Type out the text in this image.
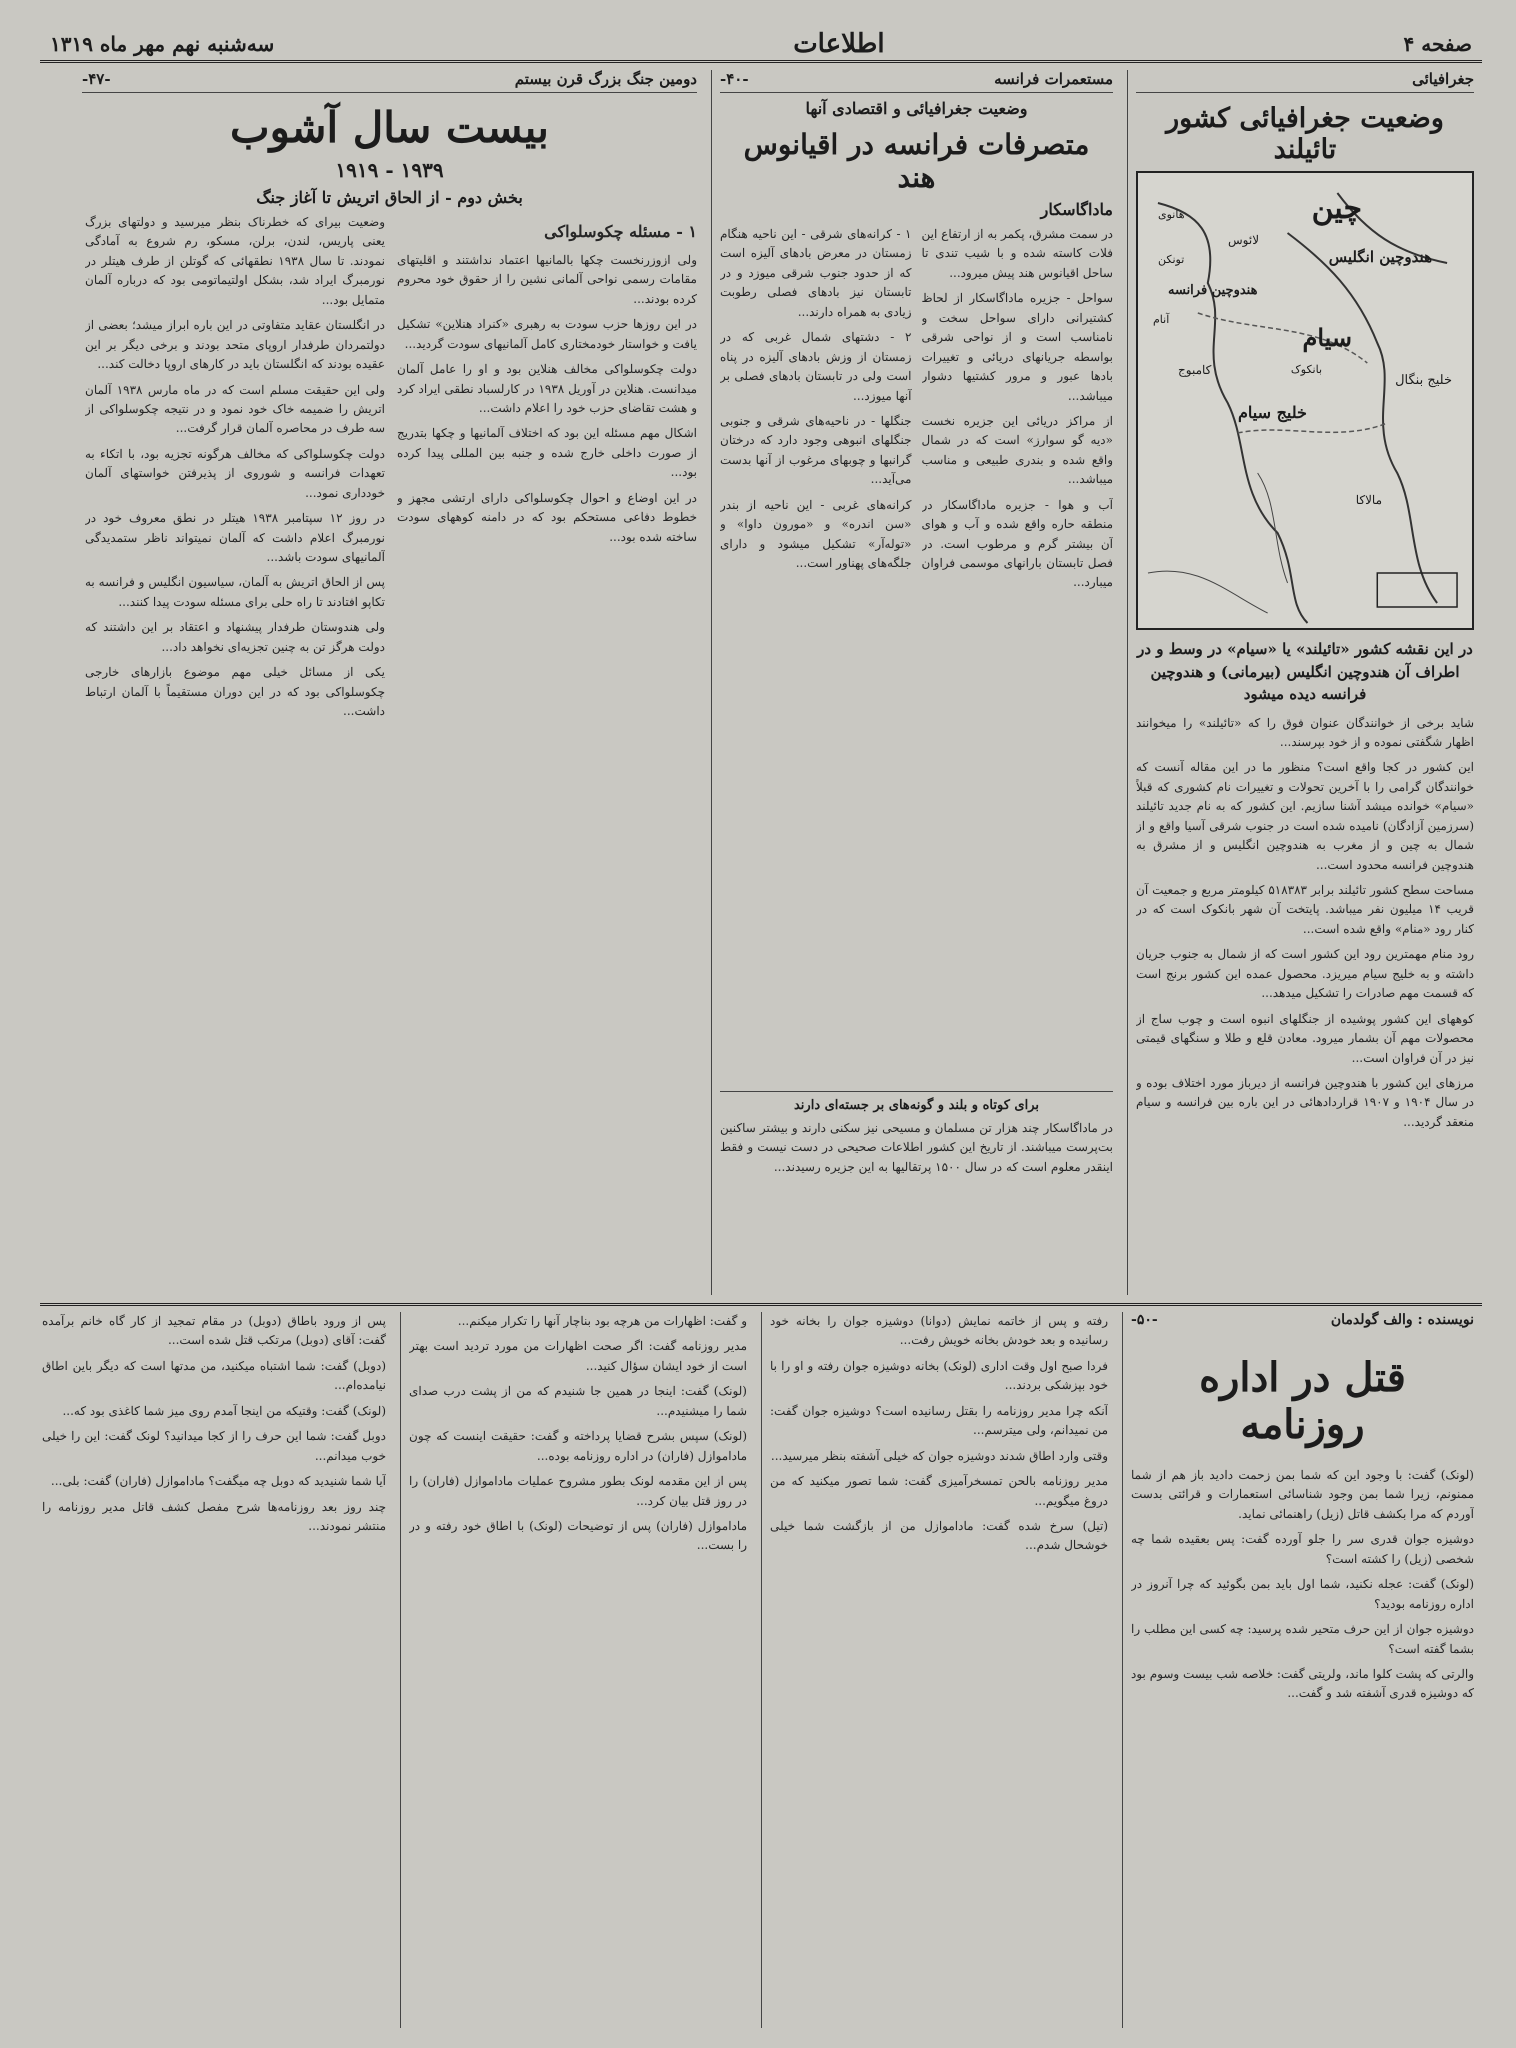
صفحه ۴
اطلاعات
سه‌شنبه نهم مهر ماه ۱۳۱۹
جغرافیائی
وضعیت جغرافیائی کشور تائیلند
چین
هندوچین انگلیس
سیام
هندوچین فرانسه
خلیج بنگال
خلیج سیام
کامبوج
لائوس
بانکوک
هانوی
مالاکا
تونکن
آنام
در این نقشه کشور «تائیلند» یا «سیام» در وسط و در اطراف آن هندوچین انگلیس (بیرمانی) و هندوچین فرانسه دیده میشود

شاید برخی از خوانندگان عنوان فوق را که «تائیلند» را میخوانند اظهار شگفتی نموده و از خود بپرسند...

این کشور در کجا واقع است؟ منظور ما در این مقاله آنست که خوانندگان گرامی را با آخرین تحولات و تغییرات نام کشوری که قبلاً «سیام» خوانده میشد آشنا سازیم. این کشور که به نام جدید تائیلند (سرزمین آزادگان) نامیده شده است در جنوب شرقی آسیا واقع و از شمال به چین و از مغرب به هندوچین انگلیس و از مشرق به هندوچین فرانسه محدود است...

مساحت سطح کشور تائیلند برابر ۵۱۸۳۸۳ کیلومتر مربع و جمعیت آن قریب ۱۴ میلیون نفر میباشد. پایتخت آن شهر بانکوک است که در کنار رود «منام» واقع شده است...

رود منام مهمترین رود این کشور است که از شمال به جنوب جریان داشته و به خلیج سیام میریزد. محصول عمده این کشور برنج است که قسمت مهم صادرات را تشکیل میدهد...

کوههای این کشور پوشیده از جنگلهای انبوه است و چوب ساج از محصولات مهم آن بشمار میرود. معادن قلع و طلا و سنگهای قیمتی نیز در آن فراوان است...

مرزهای این کشور با هندوچین فرانسه از دیرباز مورد اختلاف بوده و در سال ۱۹۰۴ و ۱۹۰۷ قراردادهائی در این باره بین فرانسه و سیام منعقد گردید...

مستعمرات فرانسه
-۴۰-
وضعیت جغرافیائی و اقتصادی آنها
متصرفات فرانسه در اقیانوس هند
ماداگاسکار

در سمت مشرق، پکمر به از ارتفاع این فلات کاسته شده و با شیب تندی تا ساحل اقیانوس هند پیش میرود...

سواحل - جزیره ماداگاسکار از لحاظ کشتیرانی دارای سواحل سخت و نامناسب است و از نواحی شرقی بواسطه جریانهای دریائی و تغییرات بادها عبور و مرور کشتیها دشوار میباشد...

از مراکز دریائی این جزیره نخست «دیه گو سوارز» است که در شمال واقع شده و بندری طبیعی و مناسب میباشد...

آب و هوا - جزیره ماداگاسکار در منطقه حاره واقع شده و آب و هوای آن بیشتر گرم و مرطوب است. در فصل تابستان بارانهای موسمی فراوان میبارد...

۱ - کرانه‌های شرقی - این ناحیه هنگام زمستان در معرض بادهای آلیزه است که از حدود جنوب شرقی میوزد و در تابستان نیز بادهای فصلی رطوبت زیادی به همراه دارند...

۲ - دشتهای شمال غربی که در زمستان از وزش بادهای آلیزه در پناه است ولی در تابستان بادهای فصلی بر آنها میوزد...

جنگلها - در ناحیه‌های شرقی و جنوبی جنگلهای انبوهی وجود دارد که درختان گرانبها و چوبهای مرغوب از آنها بدست می‌آید...

کرانه‌های غربی - این ناحیه از بندر «سن اندره» و «مورون داوا» و «توله‌آر» تشکیل میشود و دارای جلگه‌های پهناور است...

برای کوتاه و بلند و گونه‌های بر جسته‌ای دارند
در ماداگاسکار چند هزار تن مسلمان و مسیحی نیز سکنی دارند و بیشتر ساکنین بت‌پرست میباشند. از تاریخ این کشور اطلاعات صحیحی در دست نیست و فقط اینقدر معلوم است که در سال ۱۵۰۰ پرتقالیها به این جزیره رسیدند...
دومین جنگ بزرگ قرن بیستم
-۴۷-
بیست سال آشوب
۱۹۳۹ - ۱۹۱۹
بخش دوم - از الحاق اتریش تا آغاز جنگ
۱ - مسئله چکوسلواکی

ولی ازوزرنخست چکها بالمانیها اعتماد نداشتند و اقلیتهای مقامات رسمی نواحی آلمانی نشین را از حقوق خود محروم کرده بودند...

در این روزها حزب سودت به رهبری «کنراد هنلاین» تشکیل یافت و خواستار خودمختاری کامل آلمانیهای سودت گردید...

دولت چکوسلواکی مخالف هنلاین بود و او را عامل آلمان میدانست. هنلاین در آوریل ۱۹۳۸ در کارلسباد نطقی ایراد کرد و هشت تقاضای حزب خود را اعلام داشت...

اشکال مهم مسئله این بود که اختلاف آلمانیها و چکها بتدریج از صورت داخلی خارج شده و جنبه بین المللی پیدا کرده بود...

در این اوضاع و احوال چکوسلواکی دارای ارتشی مجهز و خطوط دفاعی مستحکم بود که در دامنه کوههای سودت ساخته شده بود...

وضعیت بیرای که خطرناک بنظر میرسید و دولتهای بزرگ یعنی پاریس، لندن، برلن، مسکو، رم شروع به آمادگی نمودند. تا سال ۱۹۳۸ نطقهائی که گوتلن از طرف هیتلر در نورمبرگ ایراد شد، بشکل اولتیماتومی بود که درباره آلمان متمایل بود...

در انگلستان عقاید متفاوتی در این باره ابراز میشد؛ بعضی از دولتمردان طرفدار اروپای متحد بودند و برخی دیگر بر این عقیده بودند که انگلستان باید در کارهای اروپا دخالت کند...

ولی این حقیقت مسلم است که در ماه مارس ۱۹۳۸ آلمان اتریش را ضمیمه خاک خود نمود و در نتیجه چکوسلواکی از سه طرف در محاصره آلمان قرار گرفت...

دولت چکوسلواکی که مخالف هرگونه تجزیه بود، با اتکاء به تعهدات فرانسه و شوروی از پذیرفتن خواستهای آلمان خودداری نمود...

در روز ۱۲ سپتامبر ۱۹۳۸ هیتلر در نطق معروف خود در نورمبرگ اعلام داشت که آلمان نمیتواند ناظر ستمدیدگی آلمانیهای سودت باشد...

پس از الحاق اتریش به آلمان، سیاسیون انگلیس و فرانسه به تکاپو افتادند تا راه حلی برای مسئله سودت پیدا کنند...

ولی هندوستان طرفدار پیشنهاد و اعتقاد بر این داشتند که دولت هرگز تن به چنین تجزیه‌ای نخواهد داد...

یکی از مسائل خیلی مهم موضوع بازارهای خارجی چکوسلواکی بود که در این دوران مستقیماً با آلمان ارتباط داشت...

نویسنده : والف گولدمان
-۵۰-
قتل در اداره روزنامه

(لونک) گفت: با وجود این که شما بمن زحمت دادید باز هم از شما ممنونم، زیرا شما بمن وجود شناسائی استعمارات و قرائتی بدست آوردم که مرا بکشف قاتل (زیل) راهنمائی نماید.

دوشیزه جوان قدری سر را جلو آورده گفت: پس بعقیده شما چه شخصی (زیل) را کشته است؟

(لونک) گفت: عجله نکنید، شما اول باید بمن بگوئید که چرا آنروز در اداره روزنامه بودید؟

دوشیزه جوان از این حرف متحیر شده پرسید: چه کسی این مطلب را بشما گفته است؟

والرتی که پشت کلوا ماند، ولریتی گفت: خلاصه شب بیست وسوم بود که دوشیزه قدری آشفته شد و گفت...

رفته و پس از خاتمه نمایش (دوانا) دوشیزه جوان را بخانه خود رسانیده و بعد خودش بخانه خویش رفت...

فردا صبح اول وقت اداری (لونک) بخانه دوشیزه جوان رفته و او را با خود بپزشکی بردند...

آنکه چرا مدیر روزنامه را بقتل رسانیده است؟ دوشیزه جوان گفت: من نمیدانم، ولی میترسم...

وقتی وارد اطاق شدند دوشیزه جوان که خیلی آشفته بنظر میرسید...

مدیر روزنامه بالحن تمسخرآمیزی گفت: شما تصور میکنید که من دروغ میگویم...

(تیل) سرخ شده گفت: ماداموازل من از بازگشت شما خیلی خوشحال شدم...

و گفت: اظهارات من هرچه بود بناچار آنها را تکرار میکنم...

مدیر روزنامه گفت: اگر صحت اظهارات من مورد تردید است بهتر است از خود ایشان سؤال کنید...

(لونک) گفت: اینجا در همین جا شنیدم که من از پشت درب صدای شما را میشنیدم...

(لونک) سپس بشرح قضایا پرداخته و گفت: حقیقت اینست که چون ماداموازل (فاران) در اداره روزنامه بوده...

پس از این مقدمه لونک بطور مشروح عملیات ماداموازل (فاران) را در روز قتل بیان کرد...

ماداموازل (فاران) پس از توضیحات (لونک) با اطاق خود رفته و در را بست...

پس از ورود باطاق (دوبل) در مقام تمجید از کار گاه خانم برآمده گفت: آقای (دوبل) مرتکب قتل شده است...

(دوبل) گفت: شما اشتباه میکنید، من مدتها است که دیگر باین اطاق نیامده‌ام...

(لونک) گفت: وقتیکه من اینجا آمدم روی میز شما کاغذی بود که...

دوبل گفت: شما این حرف را از کجا میدانید؟ لونک گفت: این را خیلی خوب میدانم...

آیا شما شنیدید که دوبل چه میگفت؟ ماداموازل (فاران) گفت: بلی...

چند روز بعد روزنامه‌ها شرح مفصل کشف قاتل مدیر روزنامه را منتشر نمودند...
